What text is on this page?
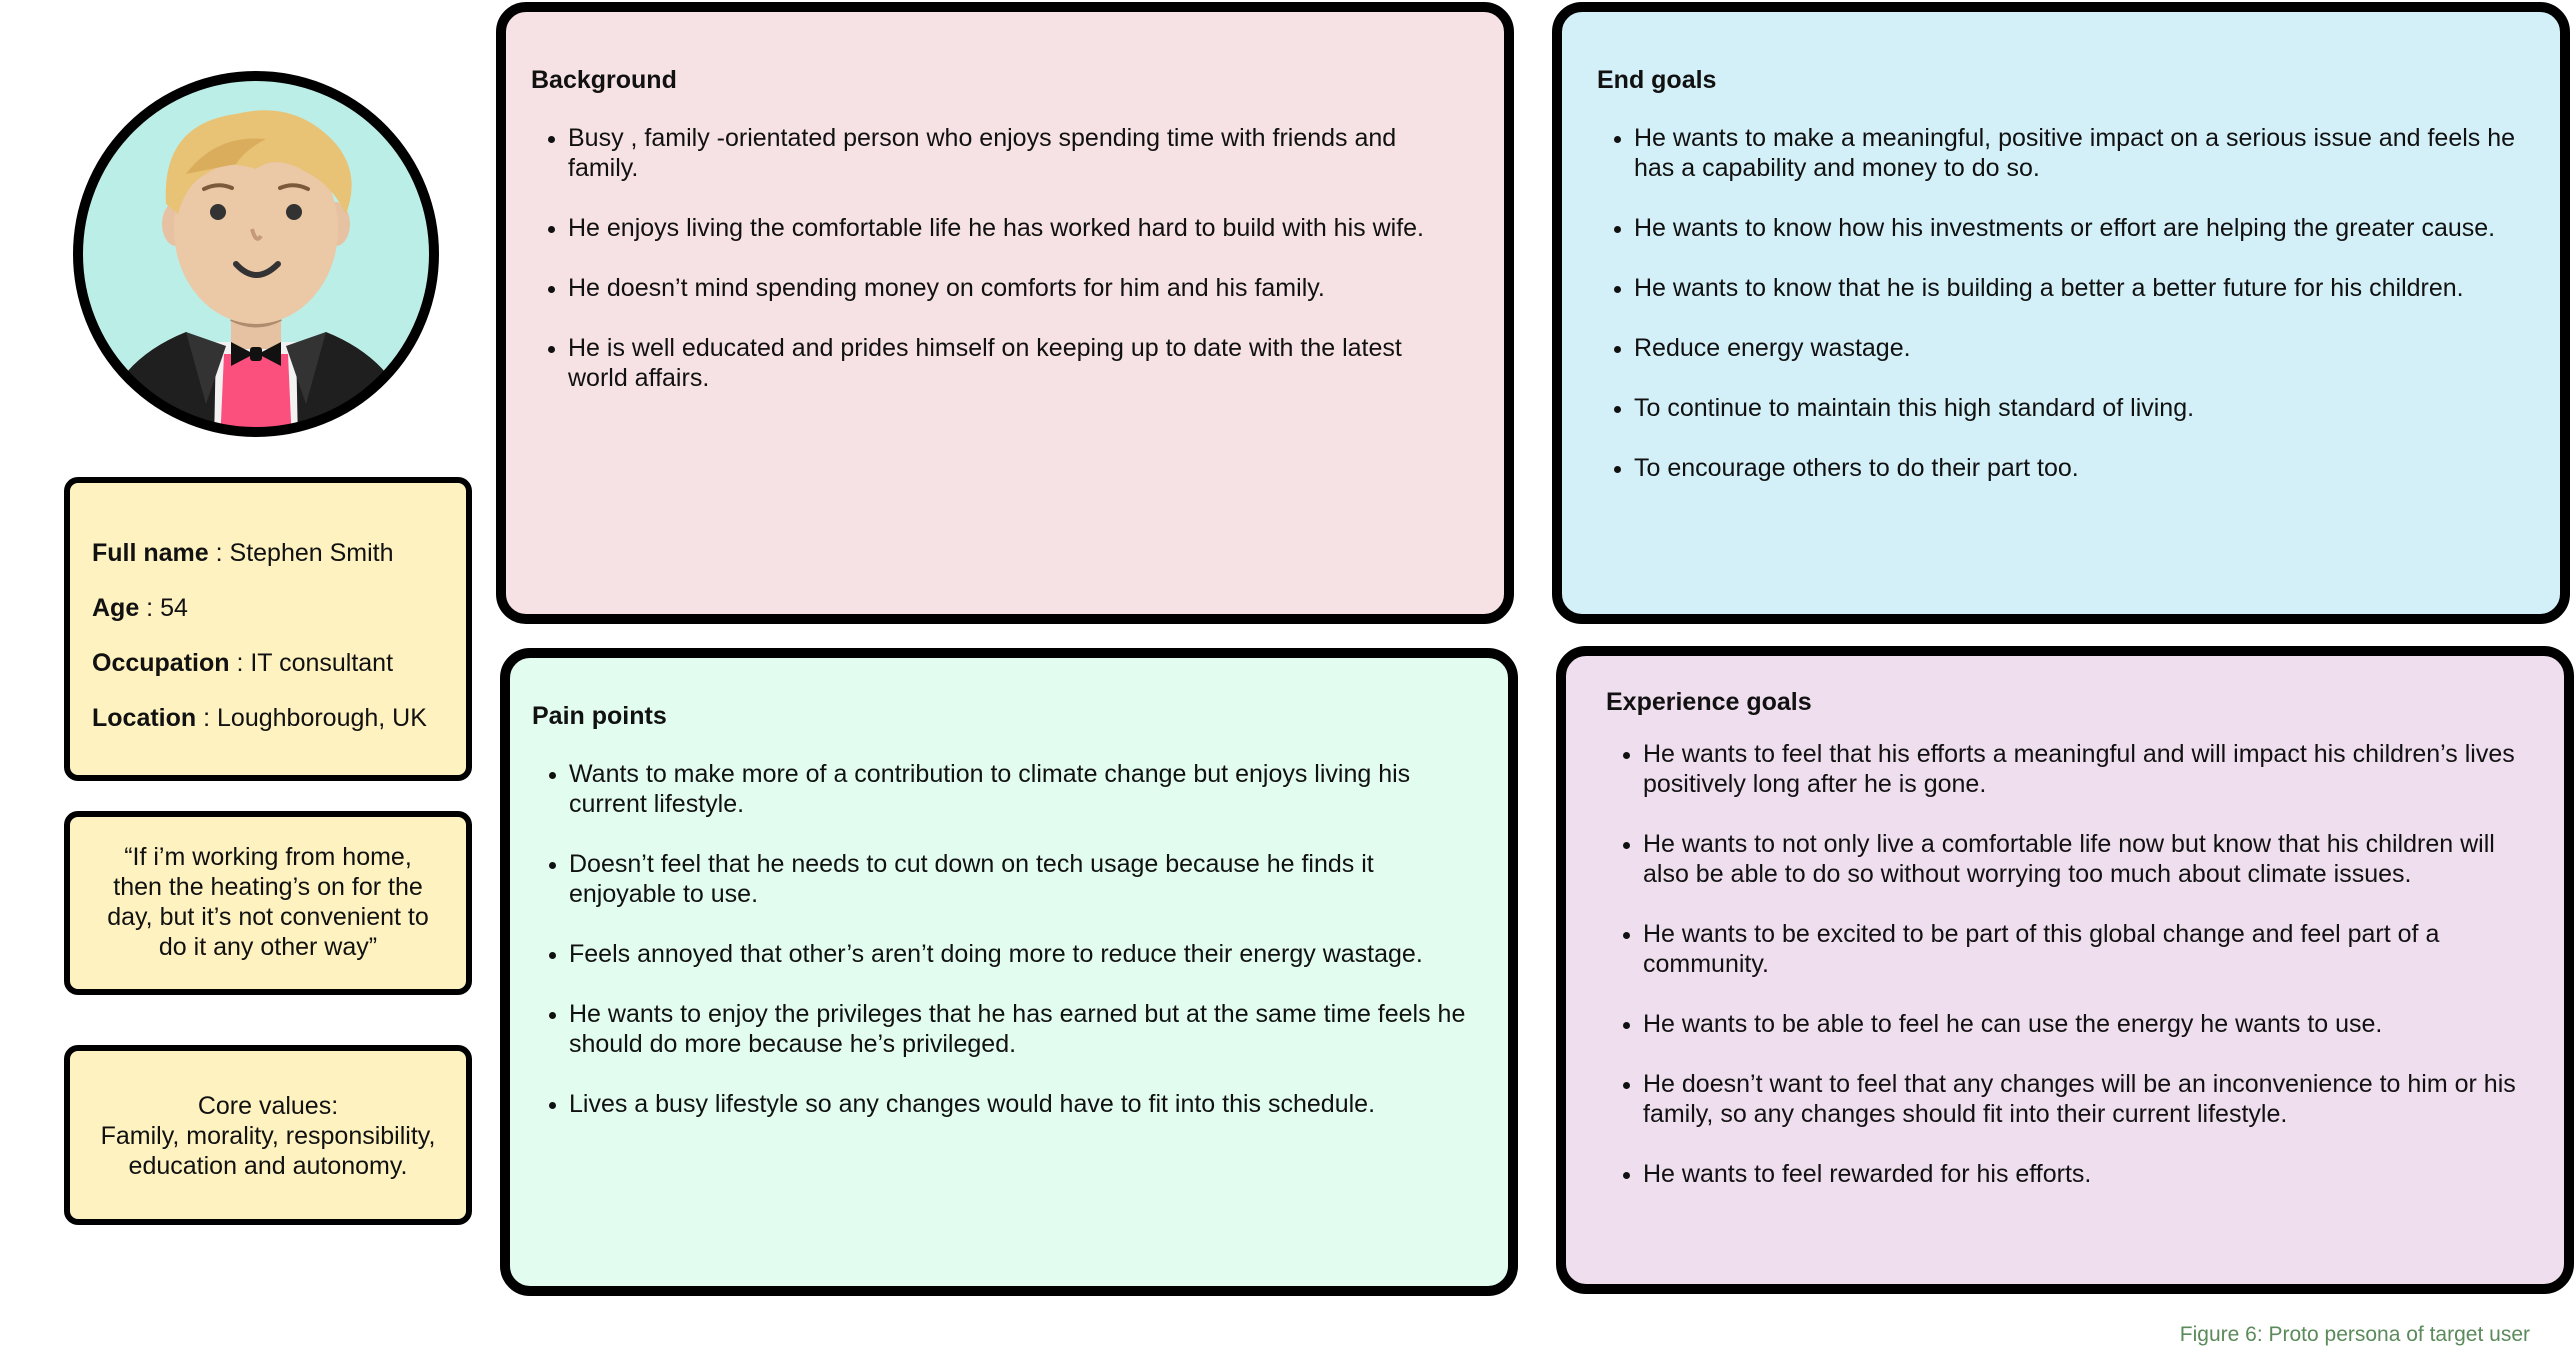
Full name : Stephen Smith
Age : 54
Occupation : IT consultant
Location : Loughborough, UK
“If i’m working from home,
then the heating’s on for the
day, but it’s not convenient to
do it any other way”
Core values:
Family, morality, responsibility,
education and autonomy.
Background
• Busy , family -orientated person who enjoys spending time with friends and family.
• He enjoys living the comfortable life he has worked hard to build with his wife.
• He doesn’t mind spending money on comforts for him and his family.
• He is well educated and prides himself on keeping up to date with the latest world affairs.
End goals
• He wants to make a meaningful, positive impact on a serious issue and feels he has a capability and money to do so.
• He wants to know how his investments or effort are helping the greater cause.
• He wants to know that he is building a better a better future for his children.
• Reduce energy wastage.
• To continue to maintain this high standard of living.
• To encourage others to do their part too.
Pain points
• Wants to make more of a contribution to climate change but enjoys living his current lifestyle.
• Doesn’t feel that he needs to cut down on tech usage because he finds it enjoyable to use.
• Feels annoyed that other’s aren’t doing more to reduce their energy wastage.
• He wants to enjoy the privileges that he has earned but at the same time feels he should do more because he’s privileged.
• Lives a busy lifestyle so any changes would have to fit into this schedule.
Experience goals
• He wants to feel that his efforts a meaningful and will impact his children’s lives positively long after he is gone.
• He wants to not only live a comfortable life now but know that his children will also be able to do so without worrying too much about climate issues.
• He wants to be excited to be part of this global change and feel part of a community.
• He wants to be able to feel he can use the energy he wants to use.
• He doesn’t want to feel that any changes will be an inconvenience to him or his family, so any changes should fit into their current lifestyle.
• He wants to feel rewarded for his efforts.
Figure 6: Proto persona of target user
